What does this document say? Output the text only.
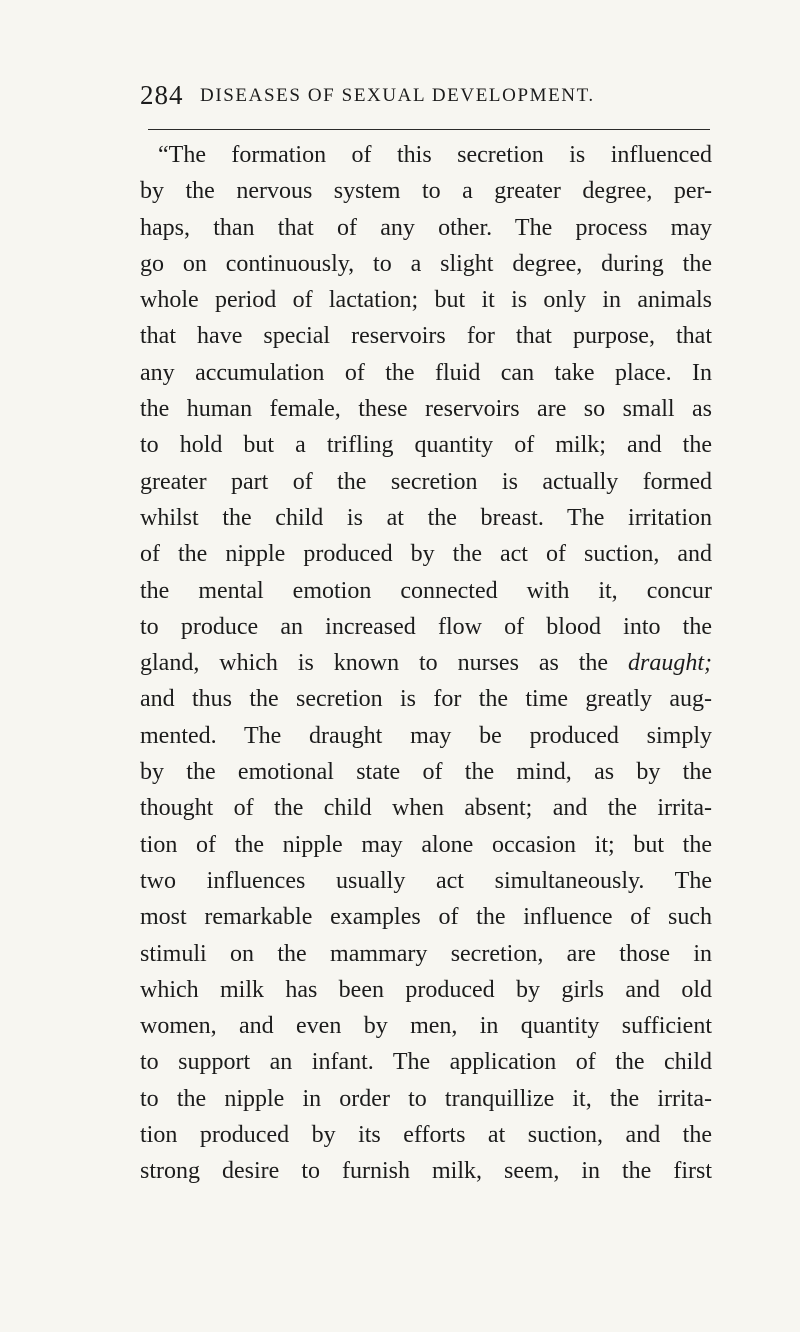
284 DISEASES OF SEXUAL DEVELOPMENT.
“The formation of this secretion is influenced
by the nervous system to a greater degree, per-
haps, than that of any other. The process may
go on continuously, to a slight degree, during the
whole period of lactation; but it is only in animals
that have special reservoirs for that purpose, that
any accumulation of the fluid can take place. In
the human female, these reservoirs are so small as
to hold but a trifling quantity of milk; and the
greater part of the secretion is actually formed
whilst the child is at the breast. The irritation
of the nipple produced by the act of suction, and
the mental emotion connected with it, concur
to produce an increased flow of blood into the
gland, which is known to nurses as the draught;
and thus the secretion is for the time greatly aug-
mented. The draught may be produced simply
by the emotional state of the mind, as by the
thought of the child when absent; and the irrita-
tion of the nipple may alone occasion it; but the
two influences usually act simultaneously. The
most remarkable examples of the influence of such
stimuli on the mammary secretion, are those in
which milk has been produced by girls and old
women, and even by men, in quantity sufficient
to support an infant. The application of the child
to the nipple in order to tranquillize it, the irrita-
tion produced by its efforts at suction, and the
strong desire to furnish milk, seem, in the first
